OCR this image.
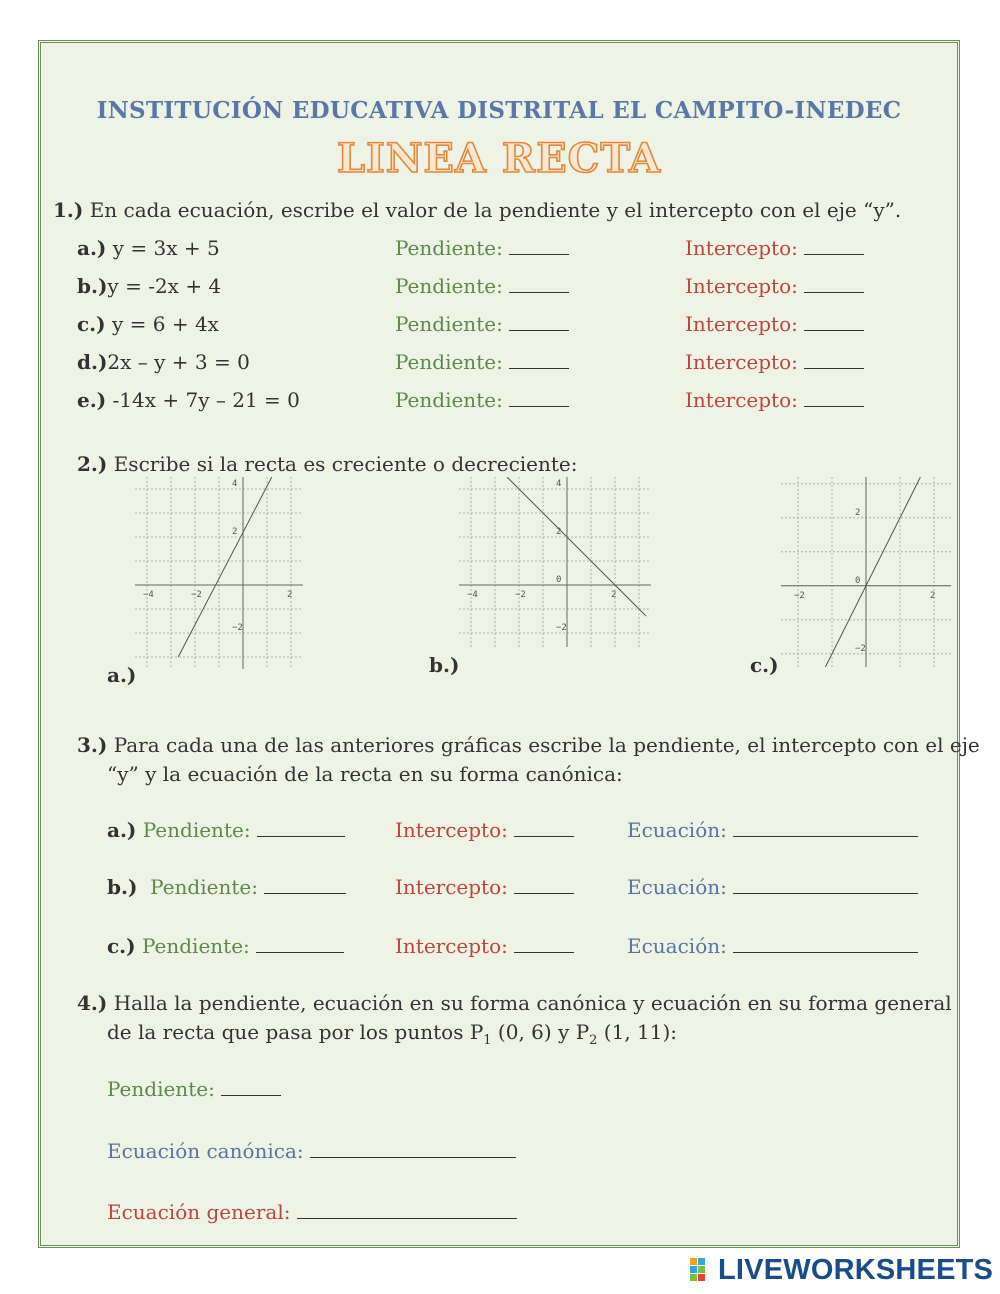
INSTITUCIÓN EDUCATIVA DISTRITAL EL CAMPITO-INEDEC
LINEA RECTA
1.) En cada ecuación, escribe el valor de la pendiente y el intercepto con el eje “y”.
a.) y = 3x + 5	Pendiente:	Intercepto:
b.)y = -2x + 4	Pendiente:	Intercepto:
c.) y = 6 + 4x	Pendiente:	Intercepto:
d.)2x – y + 3 = 0	Pendiente:	Intercepto:
e.) -14x + 7y – 21 = 0	Pendiente:	Intercepto:
2.) Escribe si la recta es creciente o decreciente:
−4	−2	2
4
2
−2
a.)
−4	−2	2
4
2
0
−2
b.)
−2	2
2
0
−2
c.)
3.) Para cada una de las anteriores gráficas escribe la pendiente, el intercepto con el eje
“y” y la ecuación de la recta en su forma canónica:
a.) Pendiente:	Intercepto:	Ecuación:
b.) Pendiente:	Intercepto:	Ecuación:
c.) Pendiente:	Intercepto:	Ecuación:
4.) Halla la pendiente, ecuación en su forma canónica y ecuación en su forma general
de la recta que pasa por los puntos $P_1$ (0, 6) y $P_2$ (1, 11):
Pendiente:
Ecuación canónica:
Ecuación general:
LIVEWORKSHEETS
